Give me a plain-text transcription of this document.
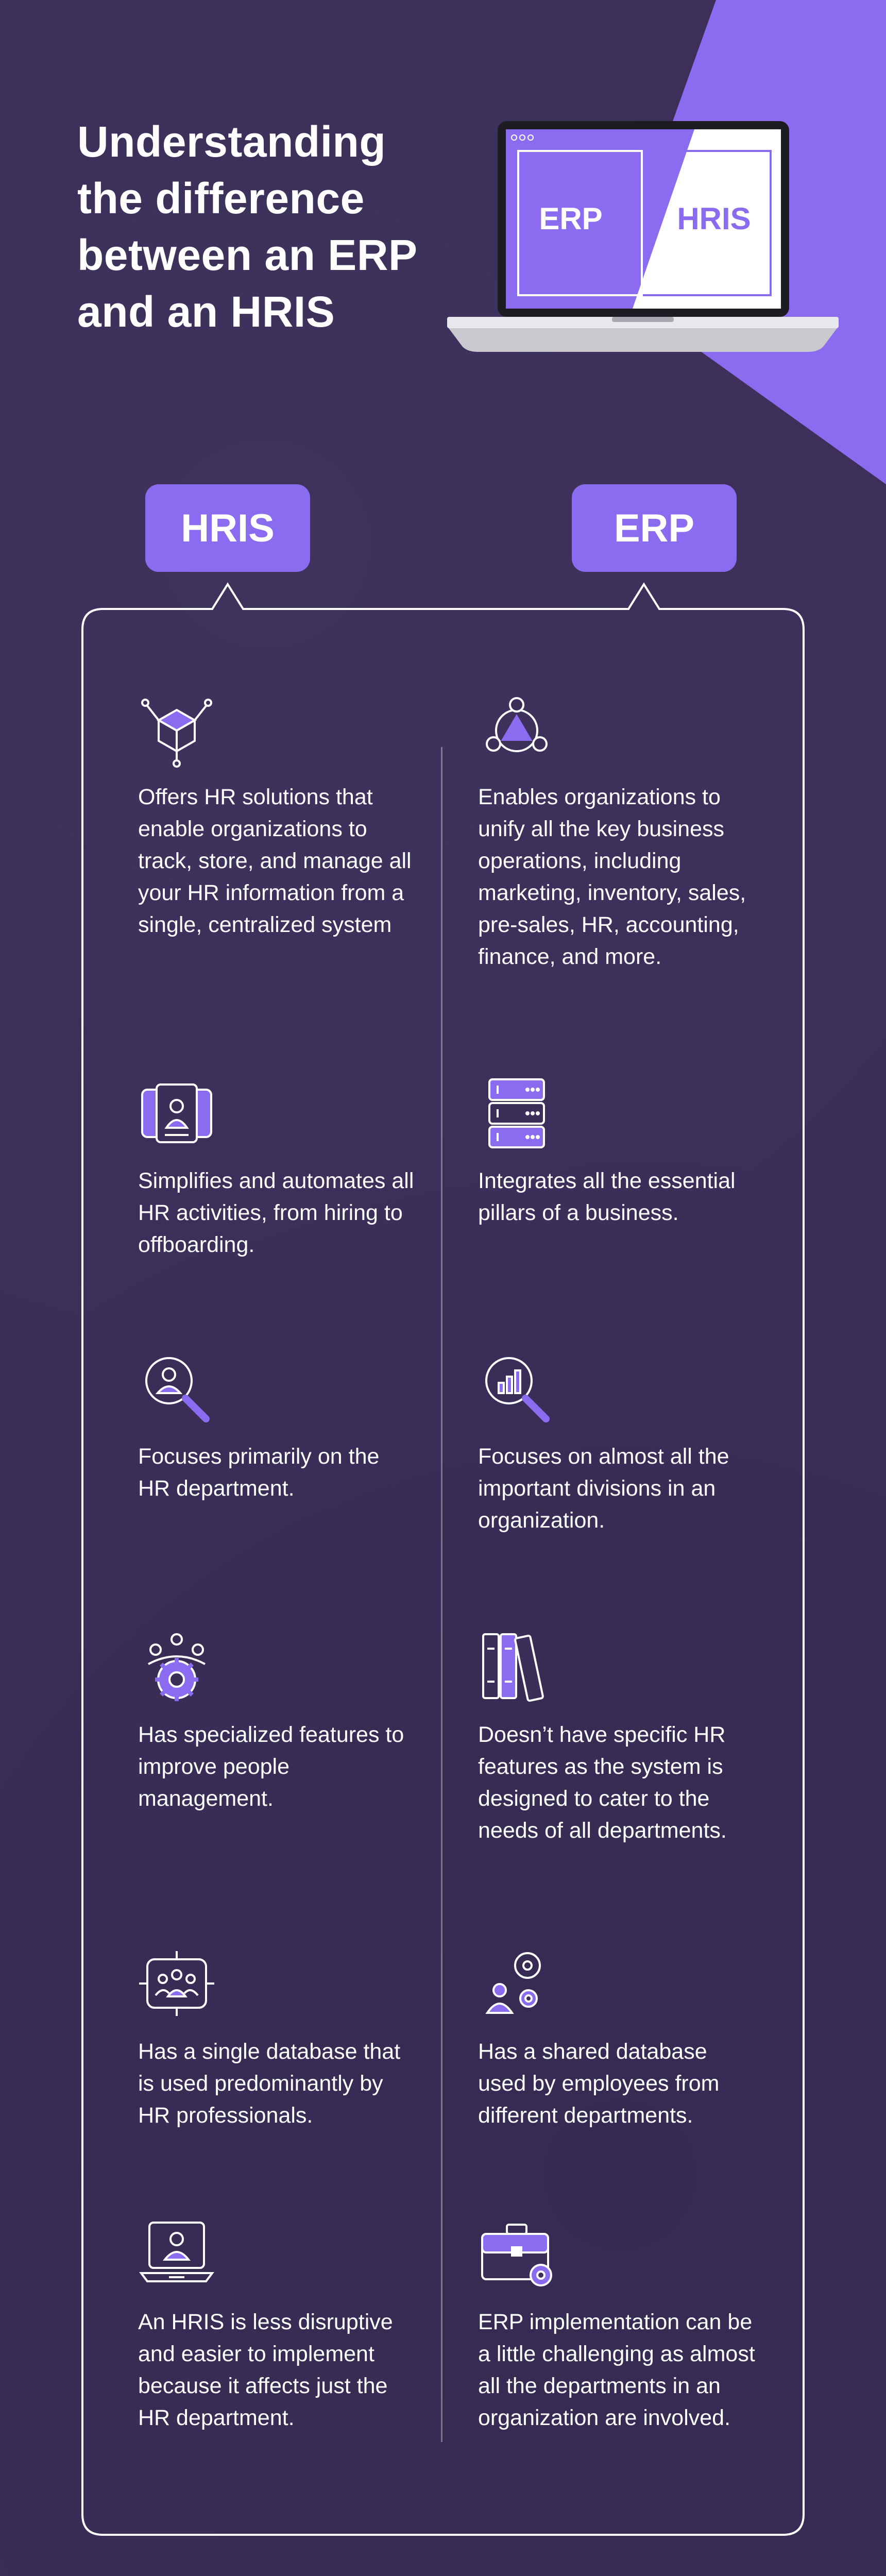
Understanding
the difference
between an ERP
and an HRIS
ERP HRIS
HRIS	ERP
Offers HR solutions that enable organizations to track, store, and manage all your HR information from a single, centralized system
Enables organizations to unify all the key business operations, including marketing, inventory, sales, pre-sales, HR, accounting, finance, and more.
Simplifies and automates all HR activities, from hiring to offboarding.
Integrates all the essential pillars of a business.
Focuses primarily on the HR department.
Focuses on almost all the important divisions in an organization.
Has specialized features to improve people management.
Doesn’t have specific HR features as the system is designed to cater to the needs of all departments.
Has a single database that is used predominantly by HR professionals.
Has a shared database used by employees from different departments.
An HRIS is less disruptive and easier to implement because it affects just the HR department.
ERP implementation can be a little challenging as almost all the departments in an organization are involved.
